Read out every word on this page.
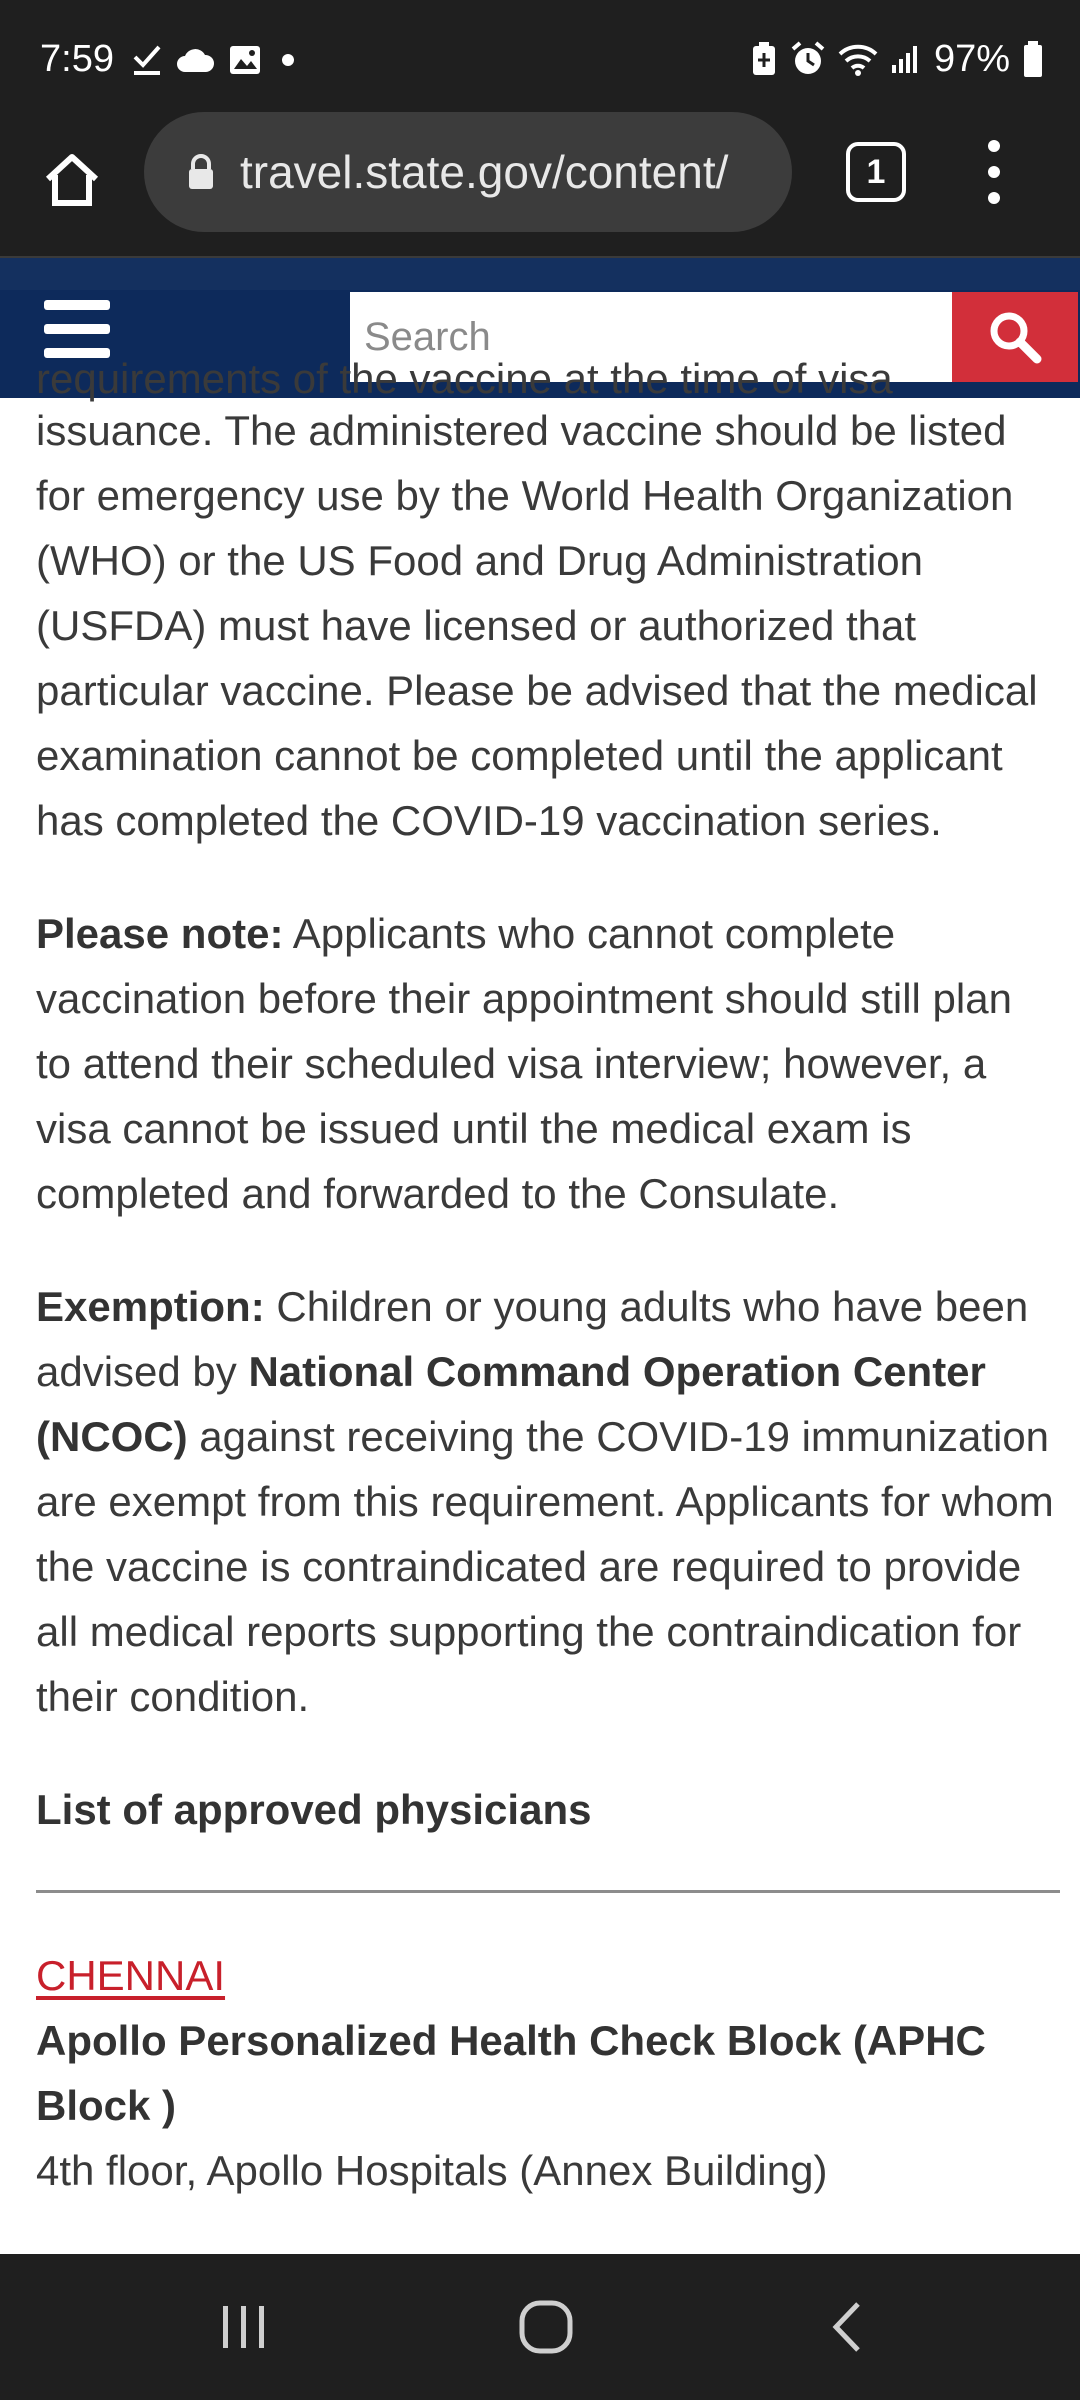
7:59	97%
travel.state.gov/content/	1
Search
requirements of the vaccine at the time of visa

issuance. The administered vaccine should be listed for emergency use by the World Health Organization (WHO) or the US Food and Drug Administration (USFDA) must have licensed or authorized that particular vaccine. Please be advised that the medical examination cannot be completed until the applicant has completed the COVID-19 vaccination series.

Please note: Applicants who cannot complete vaccination before their appointment should still plan to attend their scheduled visa interview; however, a visa cannot be issued until the medical exam is completed and forwarded to the Consulate.

Exemption: Children or young adults who have been advised by National Command Operation Center (NCOC) against receiving the COVID-19 immunization are exempt from this requirement. Applicants for whom the vaccine is contraindicated are required to provide all medical reports supporting the contraindication for their condition.

List of approved physicians
CHENNAI
Apollo Personalized Health Check Block (APHC Block )
4th floor, Apollo Hospitals (Annex Building)
